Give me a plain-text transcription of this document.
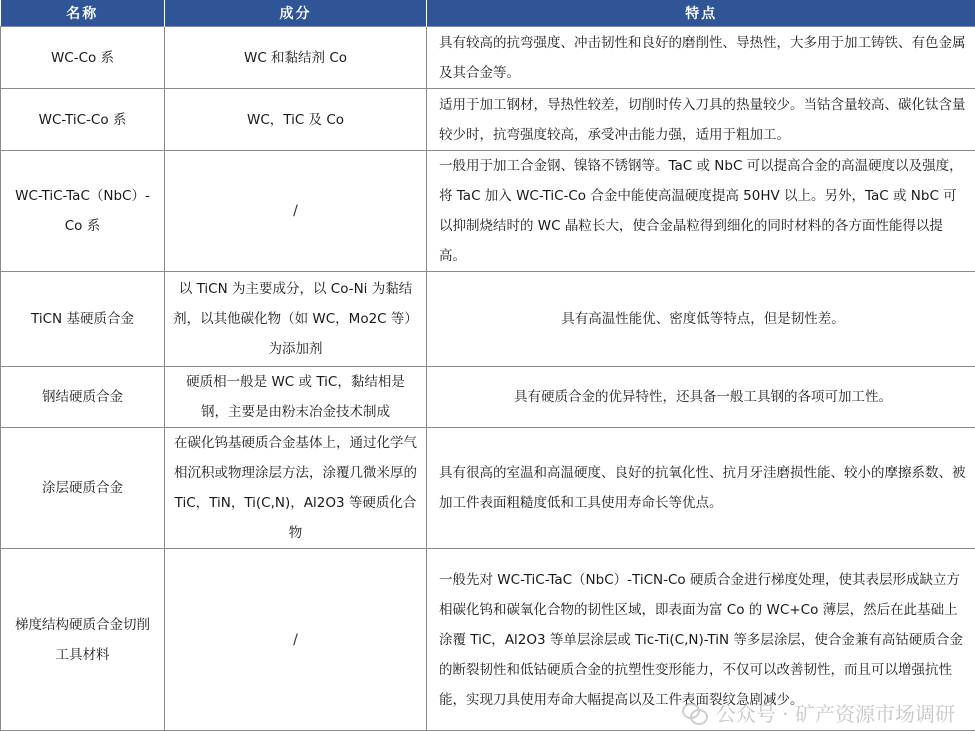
名称	成分	特点
WC-Co 系	WC 和黏结剂 Co	具有较高的抗弯强度、冲击韧性和良好的磨削性、导热性，大多用于加工铸铁、有色金属及其合金等。
WC-TiC-Co 系	WC，TiC 及 Co	适用于加工钢材，导热性较差，切削时传入刀具的热量较少。当钴含量较高、碳化钛含量较少时，抗弯强度较高，承受冲击能力强，适用于粗加工。
WC-TiC-TaC（NbC）-Co 系	/	一般用于加工合金钢、镍铬不锈钢等。TaC 或 NbC 可以提高合金的高温硬度以及强度，将 TaC 加入 WC-TiC-Co 合金中能使高温硬度提高 50HV 以上。另外，TaC 或 NbC 可以抑制烧结时的 WC 晶粒长大，使合金晶粒得到细化的同时材料的各方面性能得以提高。
TiCN 基硬质合金	以 TiCN 为主要成分，以 Co-Ni 为黏结剂，以其他碳化物（如 WC，Mo2C 等）为添加剂	具有高温性能优、密度低等特点，但是韧性差。
钢结硬质合金	硬质相一般是 WC 或 TiC，黏结相是钢，主要是由粉末冶金技术制成	具有硬质合金的优异特性，还具备一般工具钢的各项可加工性。
涂层硬质合金	在碳化钨基硬质合金基体上，通过化学气相沉积或物理涂层方法，涂覆几微米厚的 TiC，TiN，Ti(C,N)，Al2O3 等硬质化合物	具有很高的室温和高温硬度、良好的抗氧化性、抗月牙洼磨损性能、较小的摩擦系数、被加工件表面粗糙度低和工具使用寿命长等优点。
梯度结构硬质合金切削工具材料	/	一般先对 WC-TiC-TaC（NbC）-TiCN-Co 硬质合金进行梯度处理，使其表层形成缺立方相碳化钨和碳氧化合物的韧性区域，即表面为富 Co 的 WC+Co 薄层，然后在此基础上涂覆 TiC，Al2O3 等单层涂层或 Tic-Ti(C,N)-TiN 等多层涂层，使合金兼有高钴硬质合金的断裂韧性和低钴硬质合金的抗塑性变形能力，不仅可以改善韧性，而且可以增强抗性能，实现刀具使用寿命大幅提高以及工件表面裂纹急剧减少。
公众号 · 矿产资源市场调研
